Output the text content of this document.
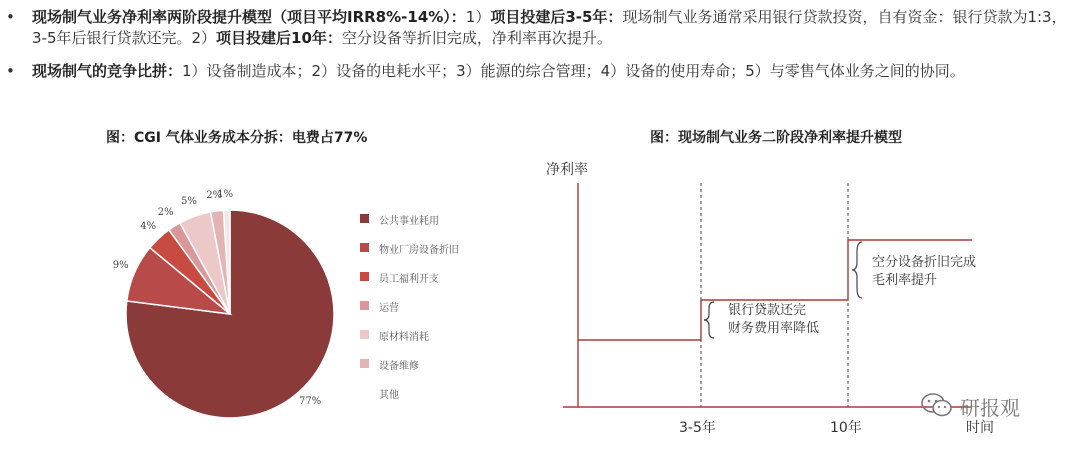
•	现场制气业务净利率两阶段提升模型（项目平均IRR8%-14%）：1）项目投建后3-5年：现场制气业务通常采用银行贷款投资，自有资金：银行贷款为1:3，3-5年后银行贷款还完。2）项目投建后10年：空分设备等折旧完成，净利率再次提升。
•	现场制气的竞争比拼：1）设备制造成本；2）设备的电耗水平；3）能源的综合管理；4）设备的使用寿命；5）与零售气体业务之间的协同。
图：CGI 气体业务成本分拆：电费占77%
77%
9%
4%
2%
5%
2%
1%
公共事业耗用
物业厂房设备折旧
员工福利开支
运营
原材料消耗
设备维修
其他
图：现场制气业务二阶段净利率提升模型
净利率
银行贷款还完
财务费用率降低
空分设备折旧完成
毛利率提升
3-5年	10年	时间
研报观
